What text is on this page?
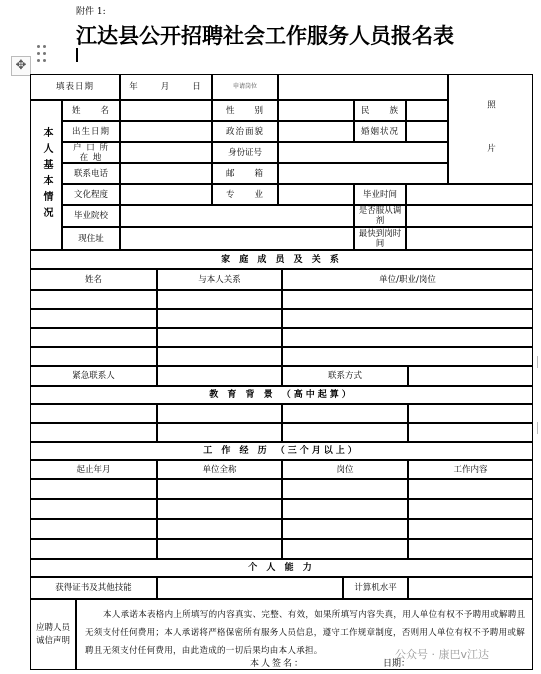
附件 1:
江达县公开招聘社会工作服务人员报名表
✥
填表日期	年　　月　　日	申请岗位
照　　片
本人基本情况
姓　　名	性　　别	民　　族
出生日期	政治面貌	婚姻状况
户 口 所 在 地	身份证号
联系电话	邮　　箱
文化程度	专　　业	毕业时间
毕业院校	是否服从调剂
现住址	最快到岗时间
家 庭 成 员 及 关 系
姓名	与本人关系	单位/职业/岗位
紧急联系人	联系方式
教 育 背 景 （高中起算）
工 作 经 历 （三个月以上）
起止年月	单位全称	岗位	工作内容
个 人 能 力
获得证书及其他技能	计算机水平
应聘人员诚信声明
本人承诺本表格内上所填写的内容真实、完整、有效，如果所填写内容失真，用人单位有权不予聘用或解聘且无须支付任何费用；本人承诺将严格保密所有服务人员信息，遵守工作规章制度，否则用人单位有权不予聘用或解聘且无须支付任何费用，由此造成的一切后果均由本人承担。
本人签名：	日期：
公众号 · 康巴v江达
